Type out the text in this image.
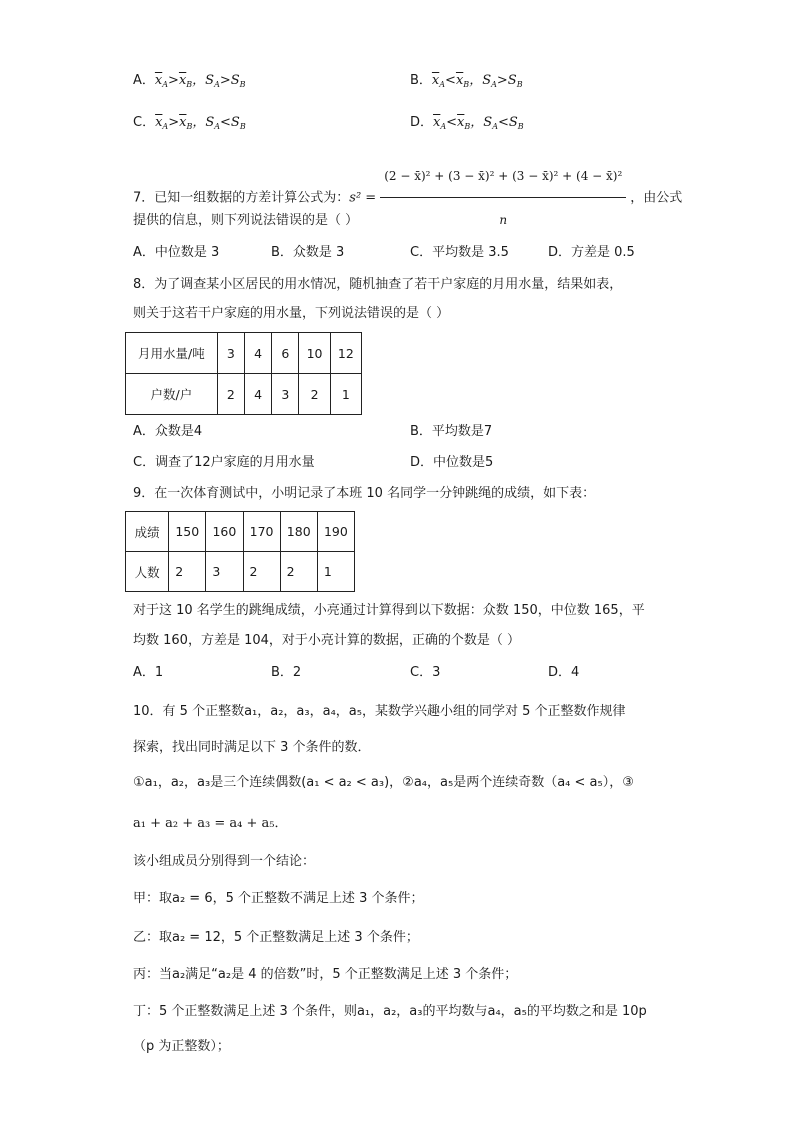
A．$\overline{x}_A>\overline{x}_B$，$S_A>S_B$	B．$\overline{x}_A<\overline{x}_B$，$S_A>S_B$
C．$\overline{x}_A>\overline{x}_B$，$S_A<S_B$	D．$\overline{x}_A<\overline{x}_B$，$S_A<S_B$
7．已知一组数据的方差计算公式为：$s^2 = \frac{\text{(2 − x̄)² + (3 − x̄)² + (3 − x̄)² + (4 − x̄)²}}{n}$ ，由公式
提供的信息，则下列说法错误的是（ ）
A．中位数是 3	B．众数是 3	C．平均数是 3.5	D．方差是 0.5
8．为了调查某小区居民的用水情况，随机抽查了若干户家庭的月用水量，结果如表，
则关于这若干户家庭的用水量，下列说法错误的是（ ）
月用水量/吨	3	4	6	10	12
户数/户	2	4	3	2	1
A．众数是4	B．平均数是7
C．调查了12户家庭的月用水量	D．中位数是5
9．在一次体育测试中，小明记录了本班 10 名同学一分钟跳绳的成绩，如下表：
成绩	150	160	170	180	190
人数	2	3	2	2	1
对于这 10 名学生的跳绳成绩，小亮通过计算得到以下数据：众数 150，中位数 165，平
均数 160，方差是 104，对于小亮计算的数据，正确的个数是（ ）
A．1	B．2	C．3	D．4
10．有 5 个正整数a₁，a₂，a₃，a₄，a₅，某数学兴趣小组的同学对 5 个正整数作规律
探索，找出同时满足以下 3 个条件的数．
①a₁，a₂，a₃是三个连续偶数(a₁ < a₂ < a₃)，②a₄，a₅是两个连续奇数（a₄ < a₅），③
a₁ + a₂ + a₃ = a₄ + a₅．
该小组成员分别得到一个结论：
甲：取a₂ = 6，5 个正整数不满足上述 3 个条件；
乙：取a₂ = 12，5 个正整数满足上述 3 个条件；
丙：当a₂满足“a₂是 4 的倍数”时，5 个正整数满足上述 3 个条件；
丁：5 个正整数满足上述 3 个条件，则a₁，a₂，a₃的平均数与a₄，a₅的平均数之和是 10p
（p 为正整数）；
